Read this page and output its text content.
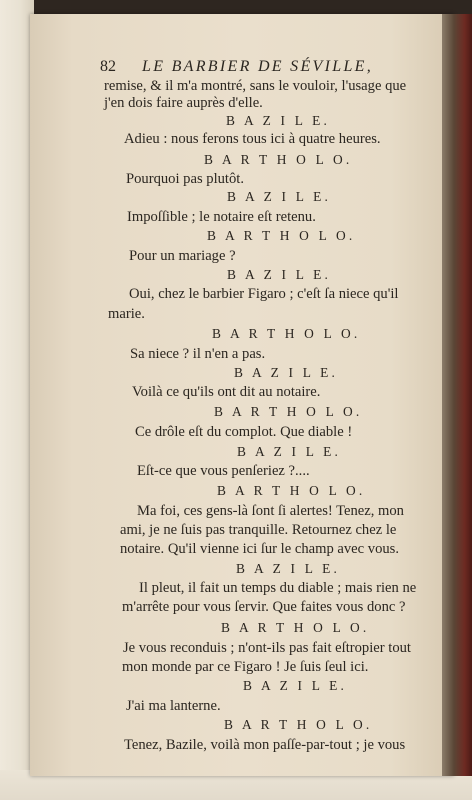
82 LE BARBIER DE SÉVILLE,
remise, & il m'a montré, sans le vouloir, l'usage que
j'en dois faire auprès d'elle.
B A Z I L E.
Adieu : nous ferons tous ici à quatre heures.
B A R T H O L O.
Pourquoi pas plutôt.
B A Z I L E.
Impoſſible ; le notaire eſt retenu.
B A R T H O L O.
Pour un mariage ?
B A Z I L E.
Oui, chez le barbier Figaro ; c'eſt ſa niece qu'il
marie.
B A R T H O L O.
Sa niece ? il n'en a pas.
B A Z I L E.
Voilà ce qu'ils ont dit au notaire.
B A R T H O L O.
Ce drôle eſt du complot. Que diable !
B A Z I L E.
Eſt-ce que vous penſeriez ?....
B A R T H O L O.
Ma foi, ces gens-là ſont ſi alertes! Tenez, mon
ami, je ne ſuis pas tranquille. Retournez chez le
notaire. Qu'il vienne ici ſur le champ avec vous.
B A Z I L E.
Il pleut, il fait un temps du diable ; mais rien ne
m'arrête pour vous ſervir. Que faites vous donc ?
B A R T H O L O.
Je vous reconduis ; n'ont-ils pas fait eſtropier tout
mon monde par ce Figaro ! Je ſuis ſeul ici.
B A Z I L E.
J'ai ma lanterne.
B A R T H O L O.
Tenez, Bazile, voilà mon paſſe-par-tout ; je vous
